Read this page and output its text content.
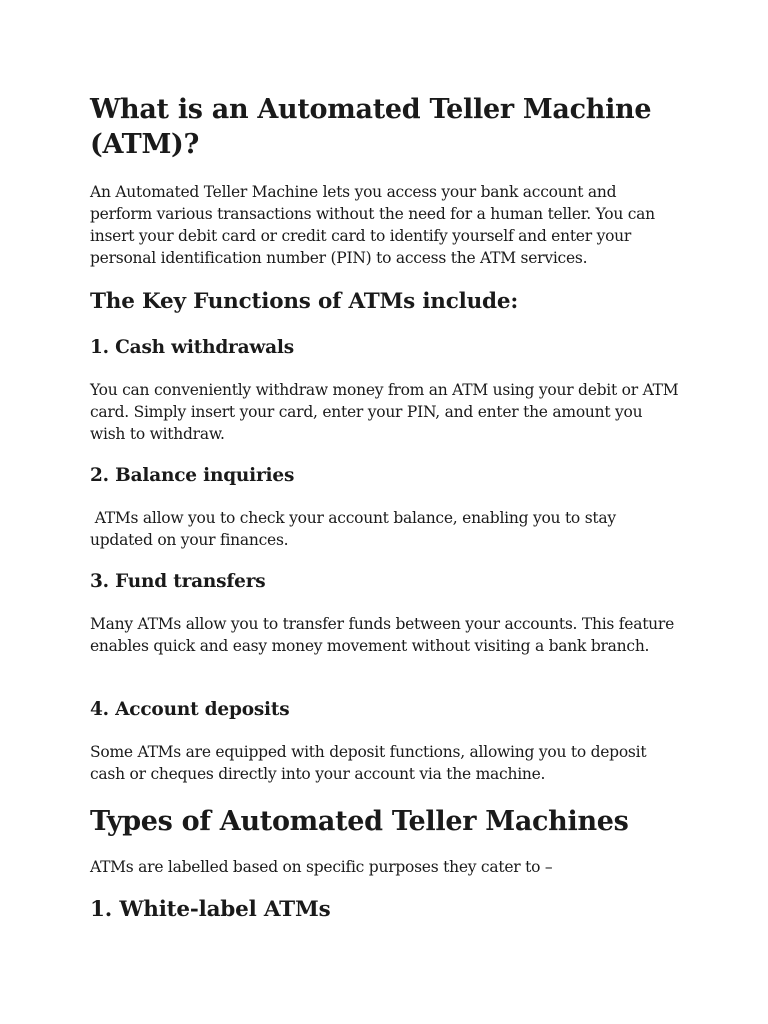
What is an Automated Teller Machine (ATM)?

An Automated Teller Machine lets you access your bank account and perform various transactions without the need for a human teller. You can insert your debit card or credit card to identify yourself and enter your personal identification number (PIN) to access the ATM services.

The Key Functions of ATMs include:
1. Cash withdrawals

You can conveniently withdraw money from an ATM using your debit or ATM card. Simply insert your card, enter your PIN, and enter the amount you wish to withdraw.

2. Balance inquiries

ATMs allow you to check your account balance, enabling you to stay updated on your finances.

3. Fund transfers

Many ATMs allow you to transfer funds between your accounts. This feature enables quick and easy money movement without visiting a bank branch.

4. Account deposits

Some ATMs are equipped with deposit functions, allowing you to deposit cash or cheques directly into your account via the machine.

Types of Automated Teller Machines

ATMs are labelled based on specific purposes they cater to –

1. White-label ATMs
